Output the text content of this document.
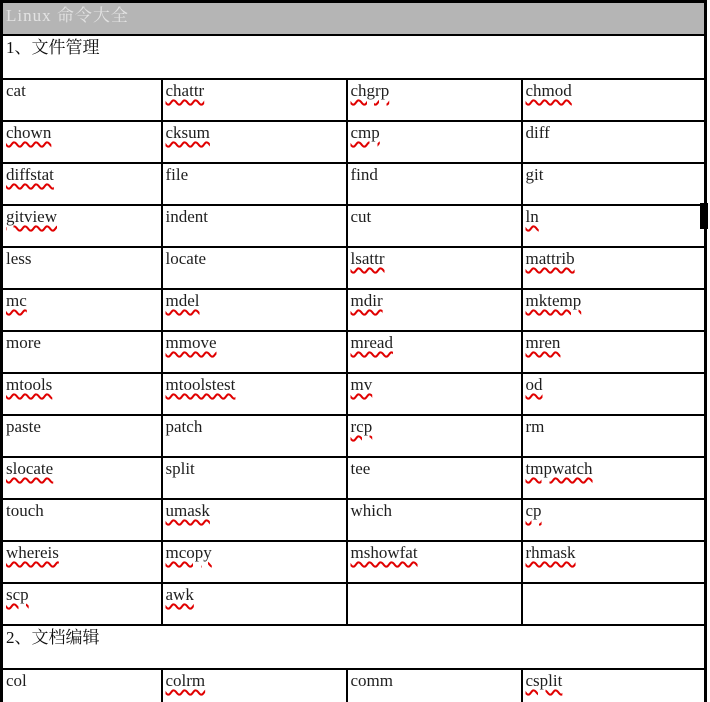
Linux 命令大全			
1、文件管理			
cat	chattr	chgrp	chmod
chown	cksum	cmp	diff
diffstat	file	find	git
gitview	indent	cut	ln
less	locate	lsattr	mattrib
mc	mdel	mdir	mktemp
more	mmove	mread	mren
mtools	mtoolstest	mv	od
paste	patch	rcp	rm
slocate	split	tee	tmpwatch
touch	umask	which	cp
whereis	mcopy	mshowfat	rhmask
scp	awk		
2、文档编辑			
col	colrm	comm	csplit
